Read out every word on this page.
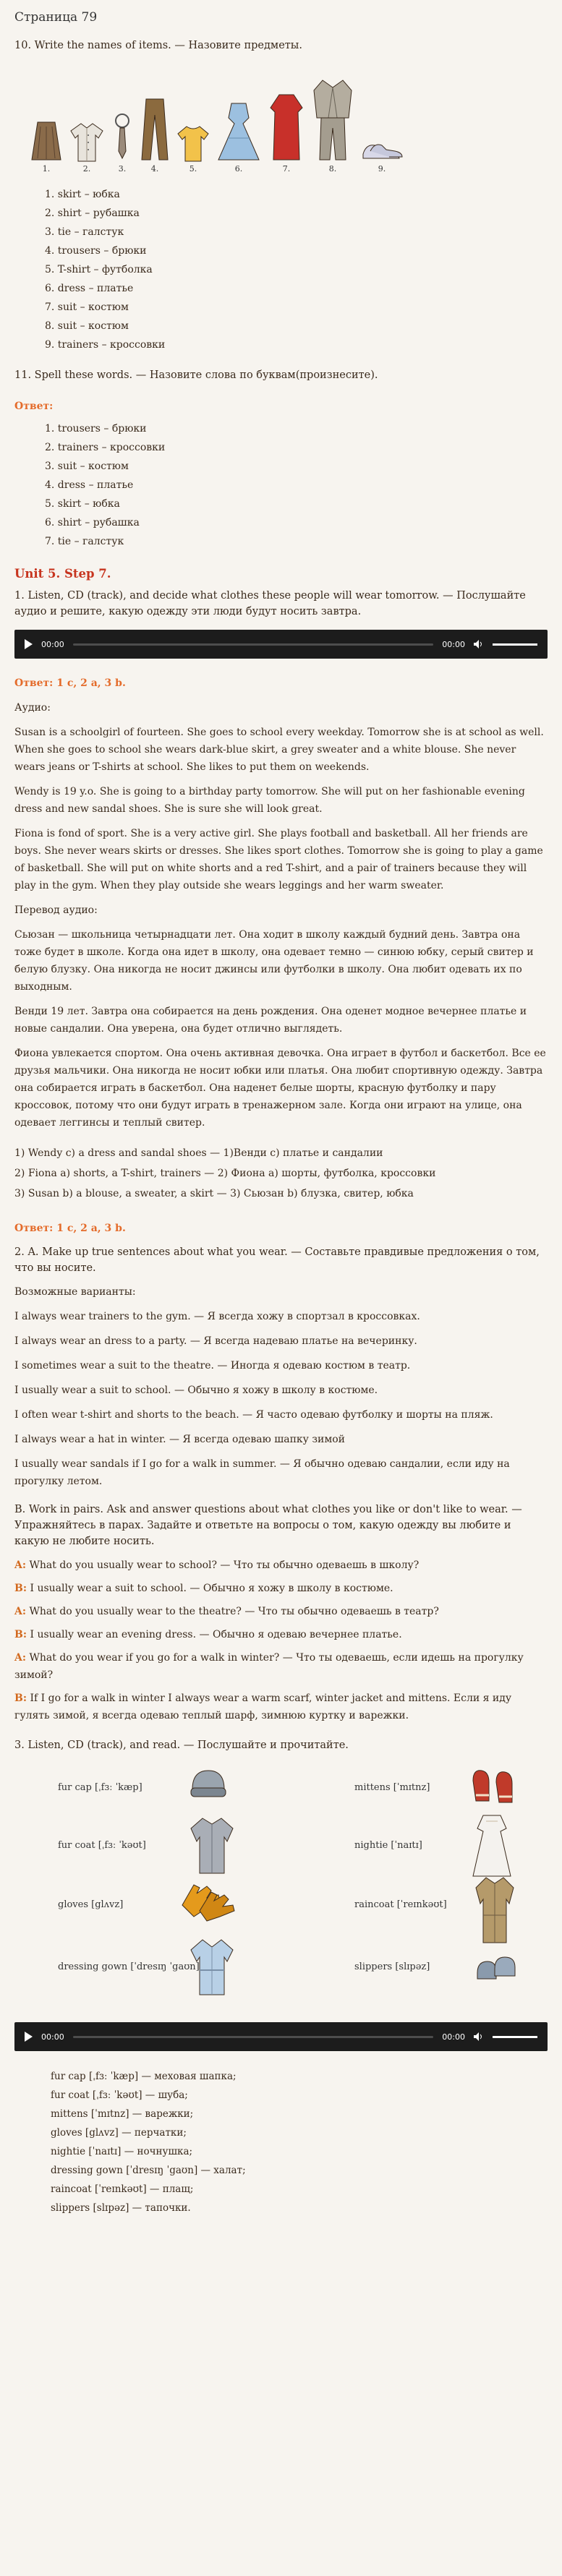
Страница 79
10. Write the names of items. — Назовите предметы.
1.	2.	3.	4.	5.	6.	7.	8.	9.
1. skirt – юбка
2. shirt – рубашка
3. tie – галстук
4. trousers – брюки
5. T-shirt – футболка
6. dress – платье
7. suit – костюм
8. suit – костюм
9. trainers – кроссовки
11. Spell these words. — Назовите слова по буквам(произнесите).
Ответ:
1. trousers – брюки
2. trainers – кроссовки
3. suit – костюм
4. dress – платье
5. skirt – юбка
6. shirt – рубашка
7. tie – галстук
Unit 5. Step 7.
1. Listen, CD (track), and decide what clothes these people will wear tomorrow. — Послушайте аудио и решите, какую одежду эти люди будут носить завтра.
00:00	00:00

Ответ: 1 c, 2 a, 3 b.

Аудио:

Susan is a schoolgirl of fourteen. She goes to school every weekday. Tomorrow she is at school as well. When she goes to school she wears dark-blue skirt, a grey sweater and a white blouse. She never wears jeans or T-shirts at school. She likes to put them on weekends.

Wendy is 19 y.o. She is going to a birthday party tomorrow. She will put on her fashionable evening dress and new sandal shoes. She is sure she will look great.

Fiona is fond of sport. She is a very active girl. She plays football and basketball. All her friends are boys. She never wears skirts or dresses. She likes sport clothes. Tomorrow she is going to play a game of basketball. She will put on white shorts and a red T-shirt, and a pair of trainers because they will play in the gym. When they play outside she wears leggings and her warm sweater.

Перевод аудио:

Сьюзан — школьница четырнадцати лет. Она ходит в школу каждый будний день. Завтра она тоже будет в школе. Когда она идет в школу, она одевает темно — синюю юбку, серый свитер и белую блузку. Она никогда не носит джинсы или футболки в школу. Она любит одевать их по выходным.

Венди 19 лет. Завтра она собирается на день рождения. Она оденет модное вечернее платье и новые сандалии. Она уверена, она будет отлично выглядеть.

Фиона увлекается спортом. Она очень активная девочка. Она играет в футбол и баскетбол. Все ее друзья мальчики. Она никогда не носит юбки или платья. Она любит спортивную одежду. Завтра она собирается играть в баскетбол. Она наденет белые шорты, красную футболку и пару кроссовок, потому что они будут играть в тренажерном зале. Когда они играют на улице, она одевает леггинсы и теплый свитер.

1) Wendy c) a dress and sandal shoes — 1)Венди с) платье и сандалии

2) Fiona a) shorts, a T-shirt, trainers — 2) Фиона а) шорты, футболка, кроссовки

3) Susan b) a blouse, a sweater, a skirt — 3) Сьюзан b) блузка, свитер, юбка

Ответ: 1 c, 2 a, 3 b.

2. A. Make up true sentences about what you wear. — Составьте правдивые предложения о том, что вы носите.

Возможные варианты:

I always wear trainers to the gym. — Я всегда хожу в спортзал в кроссовках.

I always wear an dress to a party. — Я всегда надеваю платье на вечеринку.

I sometimes wear a suit to the theatre. — Иногда я одеваю костюм в театр.

I usually wear a suit to school. — Обычно я хожу в школу в костюме.

I often wear t-shirt and shorts to the beach. — Я часто одеваю футболку и шорты на пляж.

I always wear a hat in winter. — Я всегда одеваю шапку зимой

I usually wear sandals if I go for a walk in summer. — Я обычно одеваю сандалии, если иду на прогулку летом.

B. Work in pairs. Ask and answer questions about what clothes you like or don't like to wear. — Упражняйтесь в парах. Задайте и ответьте на вопросы о том, какую одежду вы любите и какую не любите носить.
A: What do you usually wear to school? — Что ты обычно одеваешь в школу?
B: I usually wear a suit to school. — Обычно я хожу в школу в костюме.
A: What do you usually wear to the theatre? — Что ты обычно одеваешь в театр?
B: I usually wear an evening dress. — Обычно я одеваю вечернее платье.
A: What do you wear if you go for a walk in winter? — Что ты одеваешь, если идешь на прогулку зимой?
B: If I go for a walk in winter I always wear a warm scarf, winter jacket and mittens. Если я иду гулять зимой, я всегда одеваю теплый шарф, зимнюю куртку и варежки.
3. Listen, CD (track), and read. — Послушайте и прочитайте.
fur cap [ˌfɜː ˈkæp]	mittens [ˈmɪtnz]
fur coat [ˌfɜː ˈkəʊt]	nightie [ˈnaɪtɪ]
gloves [glʌvz]	raincoat [ˈreɪnkəʊt]
dressing gown [ˈdresɪŋ ˈgaʊn]	slippers [slɪpəz]
00:00	00:00
fur cap [ˌfɜː ˈkæp] — меховая шапка;
fur coat [ˌfɜː ˈkəʊt] — шуба;
mittens [ˈmɪtnz] — варежки;
gloves [glʌvz] — перчатки;
nightie [ˈnaɪtɪ] — ночнушка;
dressing gown [ˈdresɪŋ ˈgaʊn] — халат;
raincoat [ˈreɪnkəʊt] — плащ;
slippers [slɪpəz] — тапочки.
